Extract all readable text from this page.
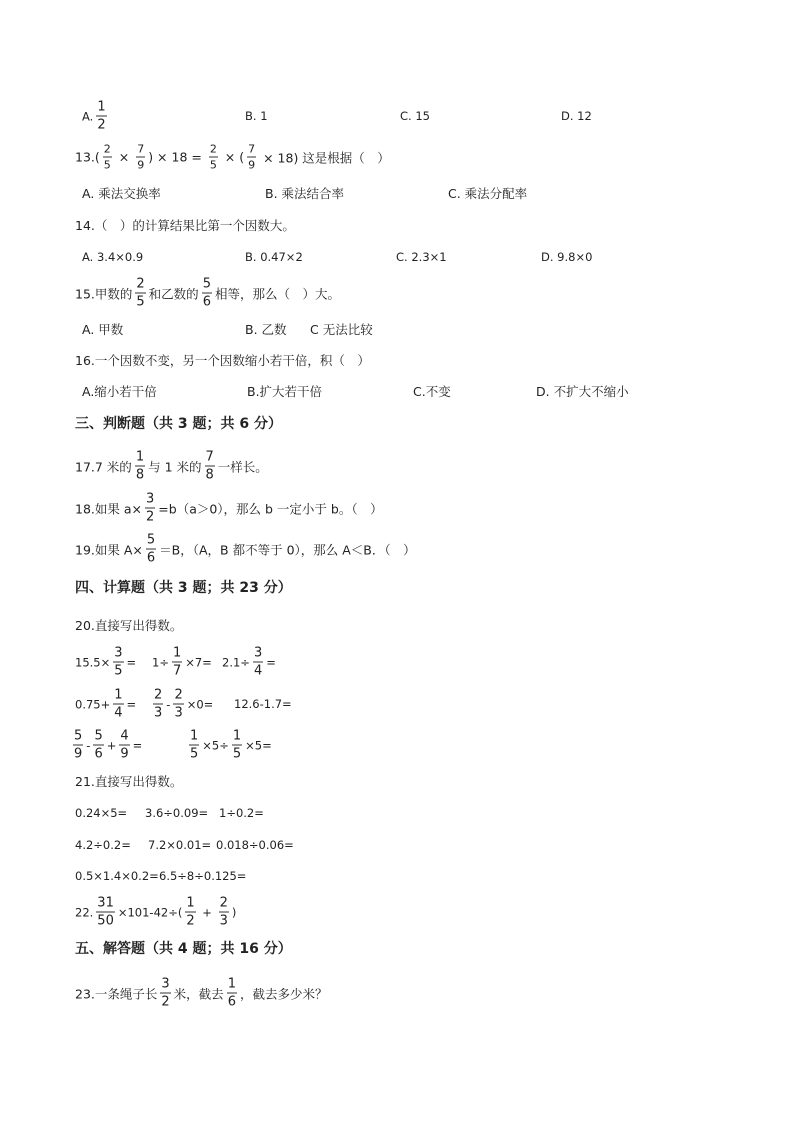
A. $\frac{1}{2}$	B. 1	C. 15	D. 12
$13.( \frac{2}{5} \times \frac{7}{9}$ ) × $18 = \frac{2}{5}$ × ( $\frac{7}{9} \times 18$) 这是根据（　）
A. 乘法交换率	B. 乘法结合率	C. 乘法分配率
14.（　）的计算结果比第一个因数大。
A. 3.4×0.9	B. 0.47×2	C. 2.3×1	D. 9.8×0
15.甲数的 $\frac{2}{5}$ 和乙数的 $\frac{5}{6}$ 相等，那么（　）大。
A. 甲数	B. 乙数 C 无法比较
16.一个因数不变，另一个因数缩小若干倍，积（　）
A.缩小若干倍	B.扩大若干倍	C.不变	D. 不扩大不缩小
三、判断题（共 3 题；共 6 分）
17.7 米的 $\frac{1}{8}$ 与 1 米的 $\frac{7}{8}$ 一样长。
18.如果 $a\times \frac{3}{2} =b(a>0)$，那么 b 一定小于 b。（　）
19.如果 $A\times \frac{5}{6} =B$，（A，B 都不等于 0），那么 A＜B．（　）
四、计算题（共 3 题；共 23 分）
20.直接写出得数。
$15.5\times \frac{3}{5} = 1\div \frac{1}{7} \times 7= 2.1\div \frac{3}{4}$ =
$0.75+ \frac{1}{4} = \frac{2}{3} - \frac{2}{3} \times 0= 12.6-1.7=$
$\frac{5}{9} - \frac{5}{6} + \frac{4}{9}$ =	$\frac{1}{5} \times 5\div \frac{1}{5} \times 5=$
21.直接写出得数。
0.24×5= 3.6÷0.09= 1÷0.2=
4.2÷0.2= 7.2×0.01= 0.018÷0.06=
0.5×1.4×0.2= 6.5÷8÷0.125=
22. $\frac{31}{50} \times 101-42\div( \frac{1}{2} + \frac{2}{3}$ )
五、解答题（共 4 题；共 16 分）
23.一条绳子长 $\frac{3}{2}$ 米，截去 $\frac{1}{6}$ ，截去多少米？
